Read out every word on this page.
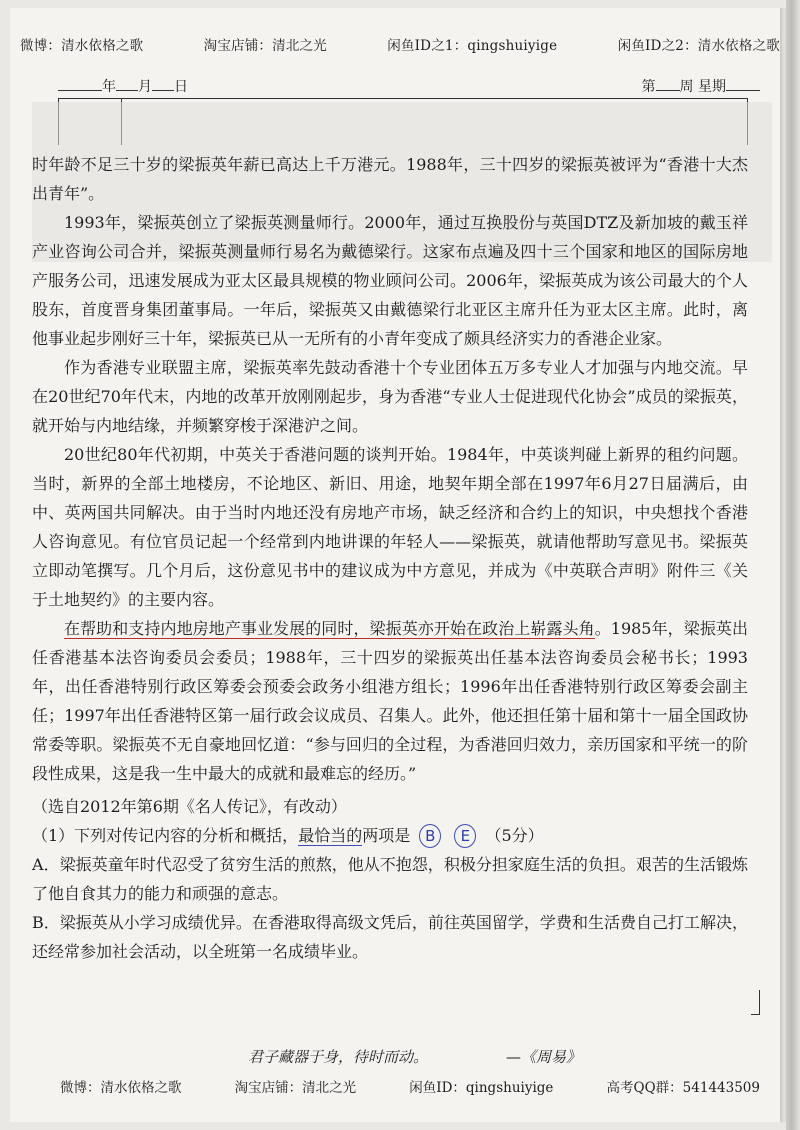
微博：清水依格之歌	淘宝店铺：清北之光	闲鱼ID之1：qingshuiyige	闲鱼ID之2：清水依格之歌
年 月 日	第 周 星期

时年龄不足三十岁的梁振英年薪已高达上千万港元。1988年，三十四岁的梁振英被评为“香港十大杰出青年”。

1993年，梁振英创立了梁振英测量师行。2000年，通过互换股份与英国DTZ及新加坡的戴玉祥产业咨询公司合并，梁振英测量师行易名为戴德梁行。这家布点遍及四十三个国家和地区的国际房地产服务公司，迅速发展成为亚太区最具规模的物业顾问公司。2006年，梁振英成为该公司最大的个人股东，首度晋身集团董事局。一年后，梁振英又由戴德梁行北亚区主席升任为亚太区主席。此时，离他事业起步刚好三十年，梁振英已从一无所有的小青年变成了颇具经济实力的香港企业家。

作为香港专业联盟主席，梁振英率先鼓动香港十个专业团体五万多专业人才加强与内地交流。早在20世纪70年代末，内地的改革开放刚刚起步，身为香港“专业人士促进现代化协会”成员的梁振英，就开始与内地结缘，并频繁穿梭于深港沪之间。

20世纪80年代初期，中英关于香港问题的谈判开始。1984年，中英谈判碰上新界的租约问题。当时，新界的全部土地楼房，不论地区、新旧、用途，地契年期全部在1997年6月27日届满后，由中、英两国共同解决。由于当时内地还没有房地产市场，缺乏经济和合约上的知识，中央想找个香港人咨询意见。有位官员记起一个经常到内地讲课的年轻人——梁振英，就请他帮助写意见书。梁振英立即动笔撰写。几个月后，这份意见书中的建议成为中方意见，并成为《中英联合声明》附件三《关于土地契约》的主要内容。

在帮助和支持内地房地产事业发展的同时，梁振英亦开始在政治上崭露头角。1985年，梁振英出任香港基本法咨询委员会委员；1988年，三十四岁的梁振英出任基本法咨询委员会秘书长；1993年，出任香港特别行政区筹委会预委会政务小组港方组长；1996年出任香港特别行政区筹委会副主任；1997年出任香港特区第一届行政会议成员、召集人。此外，他还担任第十届和第十一届全国政协常委等职。梁振英不无自豪地回忆道：“参与回归的全过程，为香港回归效力，亲历国家和平统一的阶段性成果，这是我一生中最大的成就和最难忘的经历。”

（选自2012年第6期《名人传记》，有改动）

（1）下列对传记内容的分析和概括，最恰当的两项是 B E （5分）

A．梁振英童年时代忍受了贫穷生活的煎熬，他从不抱怨，积极分担家庭生活的负担。艰苦的生活锻炼了他自食其力的能力和顽强的意志。

B．梁振英从小学习成绩优异。在香港取得高级文凭后，前往英国留学，学费和生活费自己打工解决，还经常参加社会活动，以全班第一名成绩毕业。

君子藏器于身，待时而动。	—《周易》
微博：清水依格之歌	淘宝店铺：清北之光	闲鱼ID：qingshuiyige	高考QQ群：541443509
